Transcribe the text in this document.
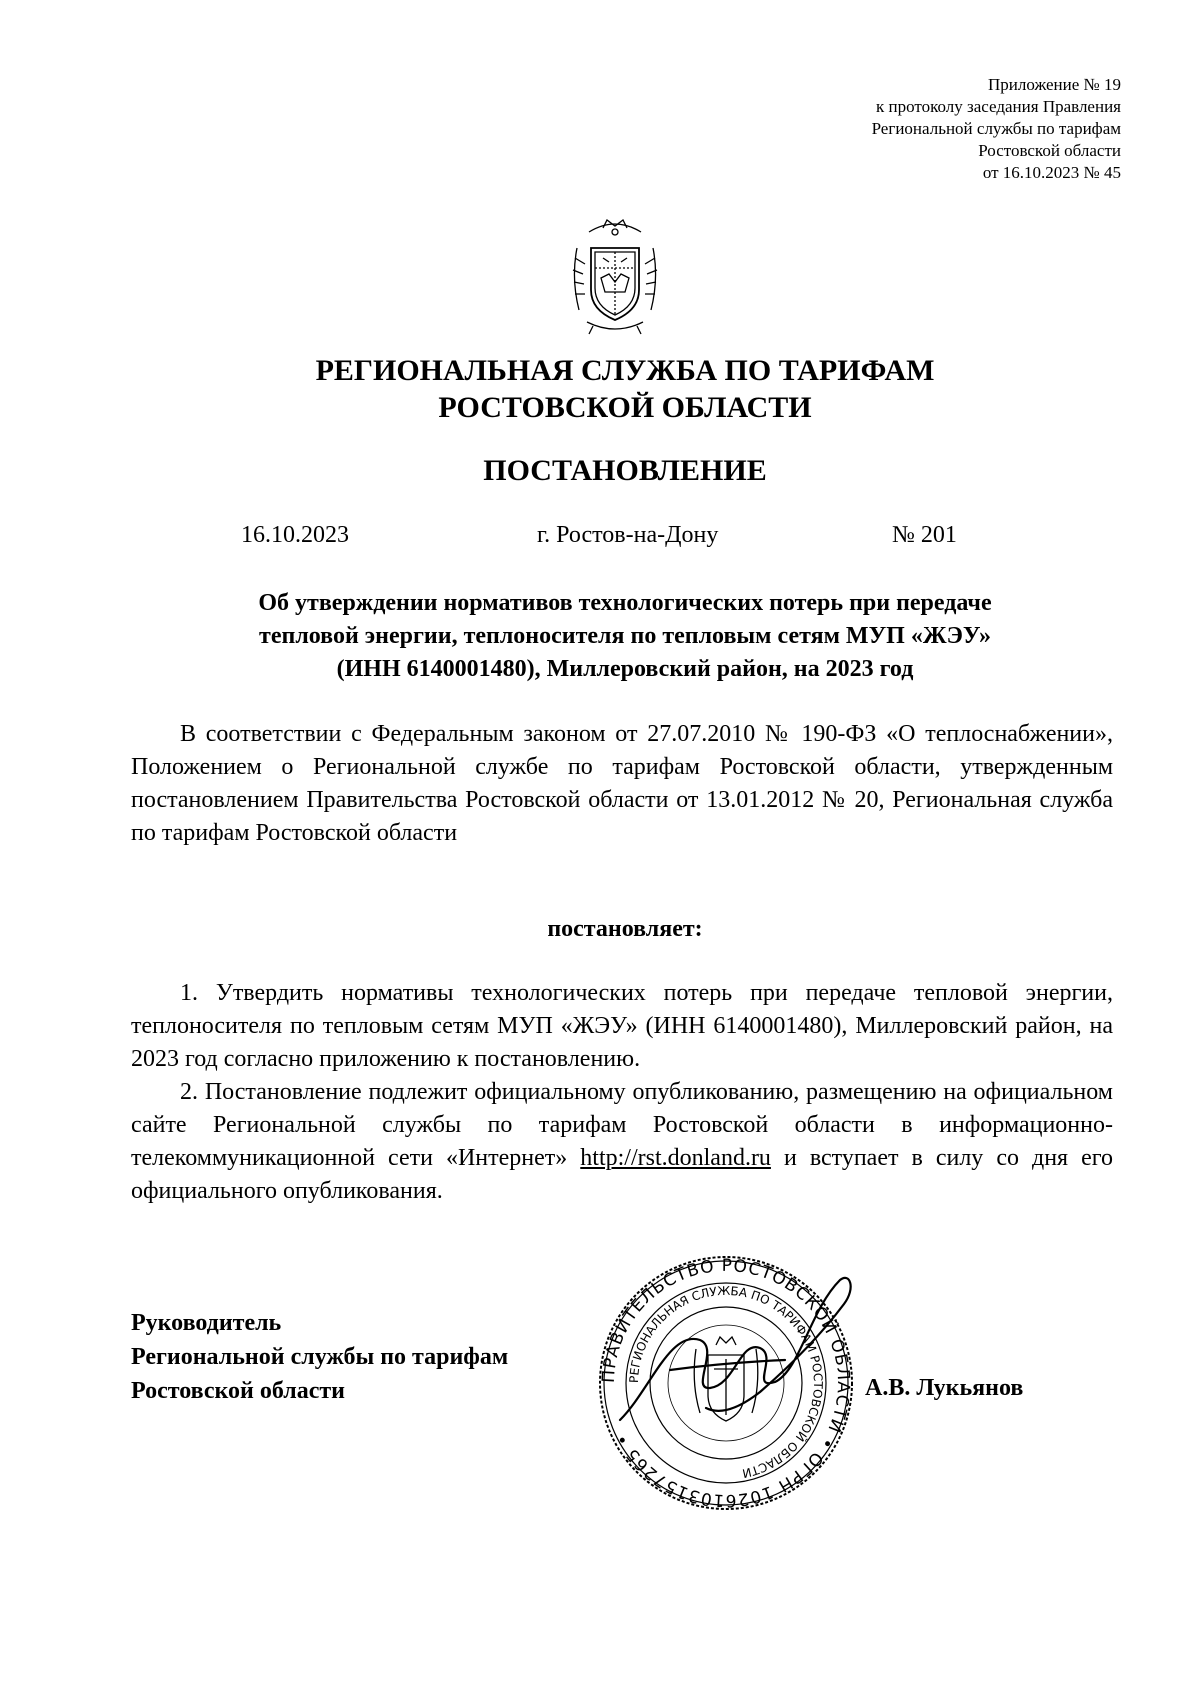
Приложение № 19
к протоколу заседания Правления
Региональной службы по тарифам
Ростовской области
от 16.10.2023 № 45
РЕГИОНАЛЬНАЯ СЛУЖБА ПО ТАРИФАМ
РОСТОВСКОЙ ОБЛАСТИ
ПОСТАНОВЛЕНИЕ
16.10.2023	г. Ростов-на-Дону	№ 201
Об утверждении нормативов технологических потерь при передаче
тепловой энергии, теплоносителя по тепловым сетям МУП «ЖЭУ»
(ИНН 6140001480), Миллеровский район, на 2023 год
В соответствии с Федеральным законом от 27.07.2010 № 190-ФЗ «О теплоснабжении», Положением о Региональной службе по тарифам Ростовской области, утвержденным постановлением Правительства Ростовской области от 13.01.2012 № 20, Региональная служба по тарифам Ростовской области
постановляет:
1. Утвердить нормативы технологических потерь при передаче тепловой энергии, теплоносителя по тепловым сетям МУП «ЖЭУ» (ИНН 6140001480), Миллеровский район, на 2023 год согласно приложению к постановлению.
2. Постановление подлежит официальному опубликованию, размещению на официальном сайте Региональной службы по тарифам Ростовской области в информационно-телекоммуникационной сети «Интернет» http://rst.donland.ru и вступает в силу со дня его официального опубликования.
Руководитель
Региональной службы по тарифам
Ростовской области
ПРАВИТЕЛЬСТВО РОСТОВСКОЙ ОБЛАСТИ • ОГРН 1026103157265 •
РЕГИОНАЛЬНАЯ СЛУЖБА ПО ТАРИФАМ РОСТОВСКОЙ ОБЛАСТИ
А.В. Лукьянов
